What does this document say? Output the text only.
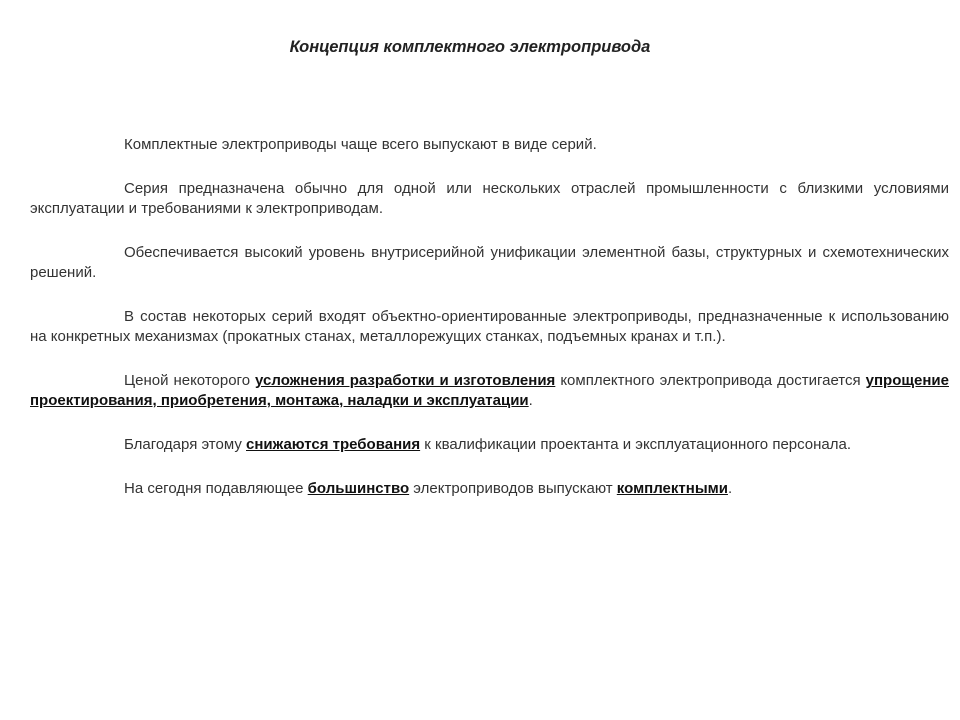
Концепция комплектного электропривода

Комплектные электроприводы чаще всего выпускают в виде серий.

Серия предназначена обычно для одной или нескольких отраслей промышленности с близкими условиями эксплуатации и требованиями к электроприводам.

Обеспечивается высокий уровень внутрисерийной унификации элементной базы, структурных и схемотехнических решений.

В состав некоторых серий входят объектно-ориентированные электроприводы, предназначенные к использованию на конкретных механизмах (прокатных станах, металлорежущих станках, подъемных кранах и т.п.).

Ценой некоторого усложнения разработки и изготовления комплектного электропривода достигается упрощение проектирования, приобретения, монтажа, наладки и эксплуатации.

Благодаря этому снижаются требования к квалификации проектанта и эксплуатационного персонала.

На сегодня подавляющее большинство электроприводов выпускают комплектными.
